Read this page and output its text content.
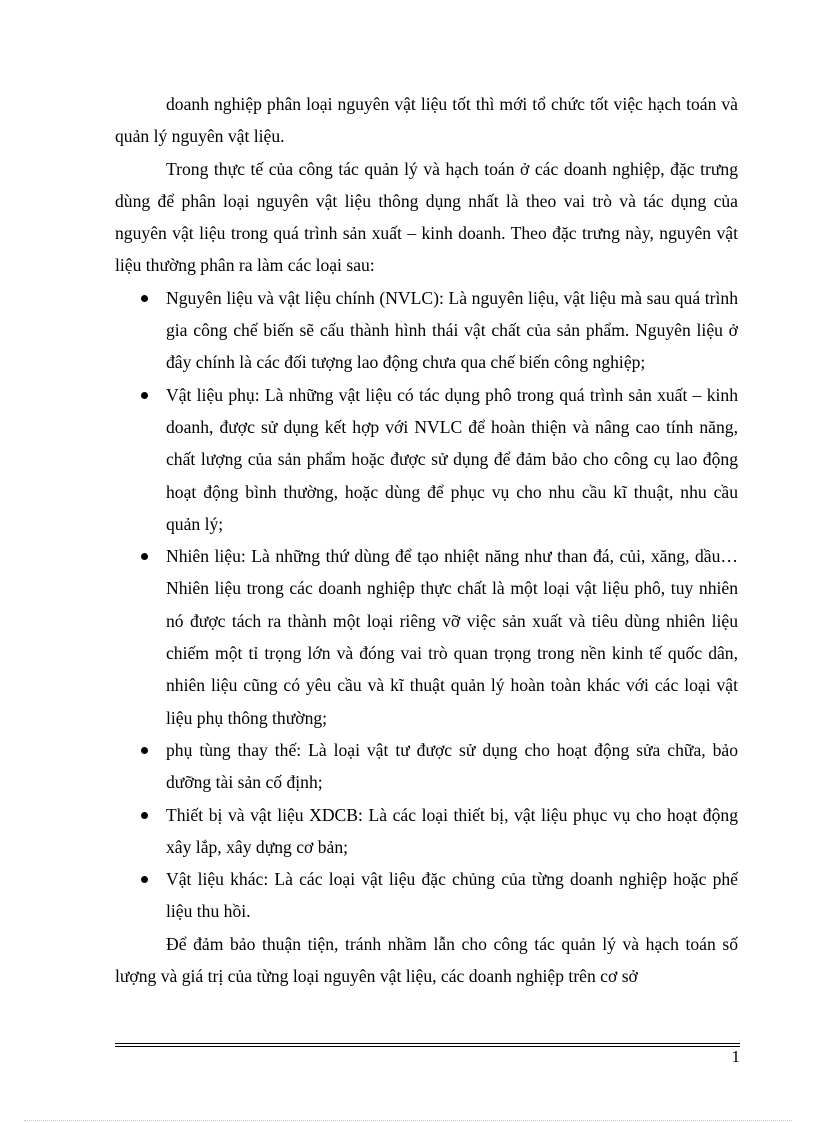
doanh nghiệp phân loại nguyên vật liệu tốt thì mới tổ chức tốt việc hạch toán và quản lý nguyên vật liệu.

Trong thực tế của công tác quản lý và hạch toán ở các doanh nghiệp, đặc trưng dùng để phân loại nguyên vật liệu thông dụng nhất là theo vai trò và tác dụng của nguyên vật liệu trong quá trình sản xuất – kinh doanh. Theo đặc trưng này, nguyên vật liệu thường phân ra làm các loại sau:

Nguyên liệu và vật liệu chính (NVLC): Là nguyên liệu, vật liệu mà sau quá trình gia công chế biến sẽ cấu thành hình thái vật chất của sản phẩm. Nguyên liệu ở đây chính là các đối tượng lao động chưa qua chế biến công nghiệp;
Vật liệu phụ: Là những vật liệu có tác dụng phô trong quá trình sản xuất – kinh doanh, được sử dụng kết hợp với NVLC để hoàn thiện và nâng cao tính năng, chất lượng của sản phẩm hoặc được sử dụng để đảm bảo cho công cụ lao động hoạt động bình thường, hoặc dùng để phục vụ cho nhu cầu kĩ thuật, nhu cầu quản lý;
Nhiên liệu: Là những thứ dùng để tạo nhiệt năng như than đá, củi, xăng, dầu… Nhiên liệu trong các doanh nghiệp thực chất là một loại vật liệu phô, tuy nhiên nó được tách ra thành một loại riêng vỡ việc sản xuất và tiêu dùng nhiên liệu chiếm một tỉ trọng lớn và đóng vai trò quan trọng trong nền kinh tế quốc dân, nhiên liệu cũng có yêu cầu và kĩ thuật quản lý hoàn toàn khác với các loại vật liệu phụ thông thường;
phụ tùng thay thế: Là loại vật tư được sử dụng cho hoạt động sửa chữa, bảo dưỡng tài sản cố định;
Thiết bị và vật liệu XDCB: Là các loại thiết bị, vật liệu phục vụ cho hoạt động xây lắp, xây dựng cơ bản;
Vật liệu khác: Là các loại vật liệu đặc chủng của từng doanh nghiệp hoặc phế liệu thu hồi.

Để đảm bảo thuận tiện, tránh nhầm lẫn cho công tác quản lý và hạch toán số lượng và giá trị của từng loại nguyên vật liệu, các doanh nghiệp trên cơ sở

1
